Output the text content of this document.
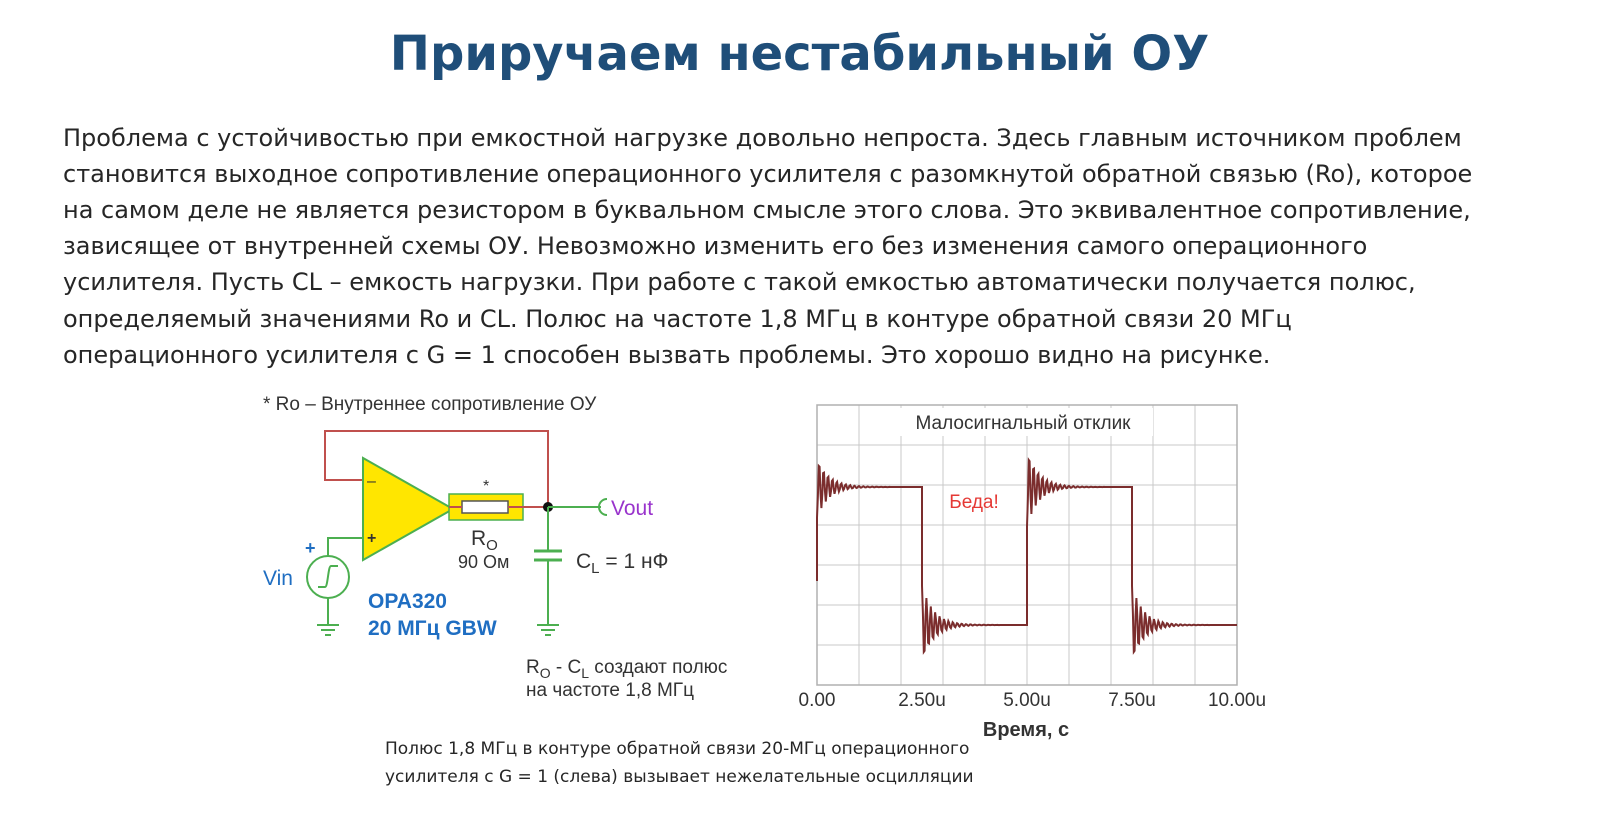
Приручаем нестабильный ОУ
Проблема с устойчивостью при емкостной нагрузке довольно непроста. Здесь главным источником проблем
становится выходное сопротивление операционного усилителя с разомкнутой обратной связью (Ro), которое
на самом деле не является резистором в буквальном смысле этого слова. Это эквивалентное сопротивление,
зависящее от внутренней схемы ОУ. Невозможно изменить его без изменения самого операционного
усилителя. Пусть CL – емкость нагрузки. При работе с такой емкостью автоматически получается полюс,
определяемый значениями Ro и CL. Полюс на частоте 1,8 МГц в контуре обратной связи 20 МГц
операционного усилителя с G = 1 способен вызвать проблемы. Это хорошо видно на рисунке.
* Ro – Внутреннее сопротивление ОУ
+
Vin
–
+
*
Vout
$R_O$
90 Ом	$C_L = 1$ нФ
OPA320
20 МГц GBW
$R_O - C_L$ создают полюс
на частоте 1,8 МГц
Малосигнальный отклик
Беда!
0.00	2.50u	5.00u	7.50u	10.00u
Время, с
Полюс 1,8 МГц в контуре обратной связи 20-МГц операционного
усилителя с G = 1 (слева) вызывает нежелательные осцилляции
